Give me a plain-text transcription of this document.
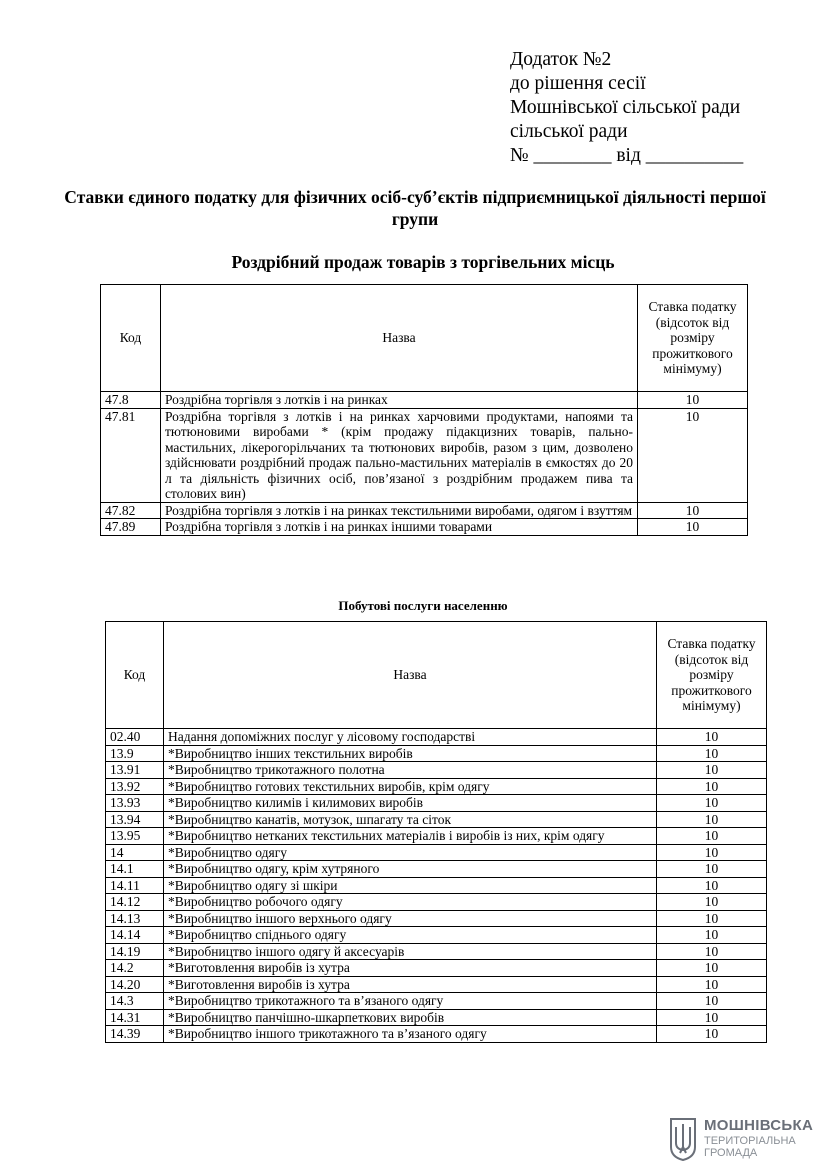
Додаток №2
до рішення сесії
Мошнівської сільської ради
сільської ради
№ ________ від __________
Ставки єдиного податку для фізичних осіб-суб’єктів підприємницької діяльності першої групи
Роздрібний продаж товарів з торгівельних місць
Код	Назва	Ставка податку (відсоток від розміру прожиткового мінімуму)
47.8	Роздрібна торгівля з лотків і на ринках	10
47.81	Роздрібна торгівля з лотків і на ринках харчовими продуктами, напоями та тютюновими виробами * (крім продажу підакцизних товарів, пально-мастильних, лікерогорільчаних та тютюнових виробів, разом з цим, дозволено здійснювати роздрібний продаж пально-мастильних матеріалів в ємкостях до 20 л та діяльність фізичних осіб, пов’язаної з роздрібним продажем пива та столових вин)	10
47.82	Роздрібна торгівля з лотків і на ринках текстильними виробами, одягом і взуттям	10
47.89	Роздрібна торгівля з лотків і на ринках іншими товарами	10
Побутові послуги населенню
Код	Назва	Ставка податку (відсоток від розміру прожиткового мінімуму)
02.40	Надання допоміжних послуг у лісовому господарстві	10
13.9	*Виробництво інших текстильних виробів	10
13.91	*Виробництво трикотажного полотна	10
13.92	*Виробництво готових текстильних виробів, крім одягу	10
13.93	*Виробництво килимів і килимових виробів	10
13.94	*Виробництво канатів, мотузок, шпагату та сіток	10
13.95	*Виробництво нетканих текстильних матеріалів і виробів із них, крім одягу	10
14	*Виробництво одягу	10
14.1	*Виробництво одягу, крім хутряного	10
14.11	*Виробництво одягу зі шкіри	10
14.12	*Виробництво робочого одягу	10
14.13	*Виробництво іншого верхнього одягу	10
14.14	*Виробництво спіднього одягу	10
14.19	*Виробництво іншого одягу й аксесуарів	10
14.2	*Виготовлення виробів із хутра	10
14.20	*Виготовлення виробів із хутра	10
14.3	*Виробництво трикотажного та в’язаного одягу	10
14.31	*Виробництво панчішно-шкарпеткових виробів	10
14.39	*Виробництво іншого трикотажного та в’язаного одягу	10
МОШНІВСЬКА
ТЕРИТОРІАЛЬНА
ГРОМАДА
